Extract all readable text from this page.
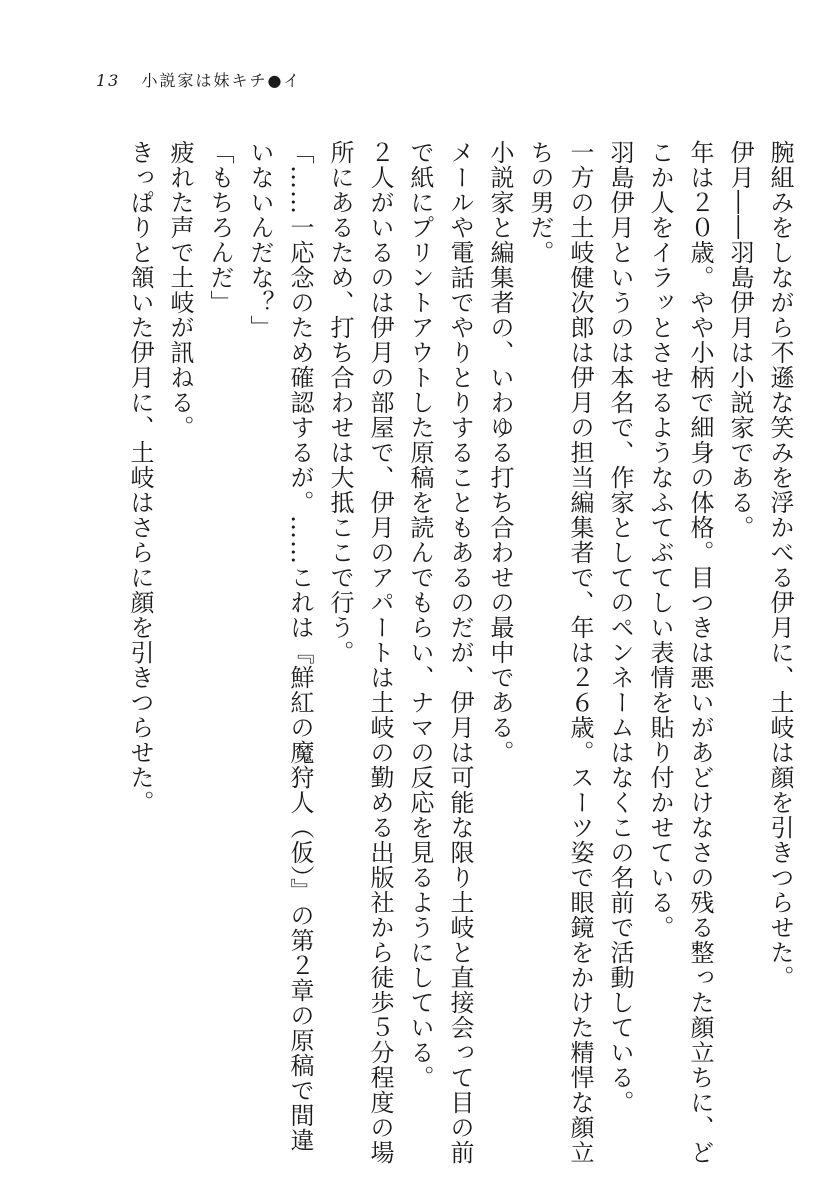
13 小説家は妹キチ●イ

腕組みをしながら不遜な笑みを浮かべる伊月に、土岐は顔を引きつらせた。

伊月――羽島伊月は小説家である。

年は２０歳。やや小柄で細身の体格。目つきは悪いがあどけなさの残る整った顔立ちに、ど

こか人をイラッとさせるようなふてぶてしい表情を貼り付かせている。

羽島伊月というのは本名で、作家としてのペンネームはなくこの名前で活動している。

一方の土岐健次郎は伊月の担当編集者で、年は２６歳。スーツ姿で眼鏡をかけた精悍な顔立

ちの男だ。

小説家と編集者の、いわゆる打ち合わせの最中である。

メールや電話でやりとりすることもあるのだが、伊月は可能な限り土岐と直接会って目の前

で紙にプリントアウトした原稿を読んでもらい、ナマの反応を見るようにしている。

２人がいるのは伊月の部屋で、伊月のアパートは土岐の勤める出版社から徒歩５分程度の場

所にあるため、打ち合わせは大抵ここで行う。

「……一応念のため確認するが。……これは『鮮紅の魔狩人（仮）』の第２章の原稿で間違

いないんだな？」

「もちろんだ」

疲れた声で土岐が訊ねる。

きっぱりと頷いた伊月に、土岐はさらに顔を引きつらせた。
